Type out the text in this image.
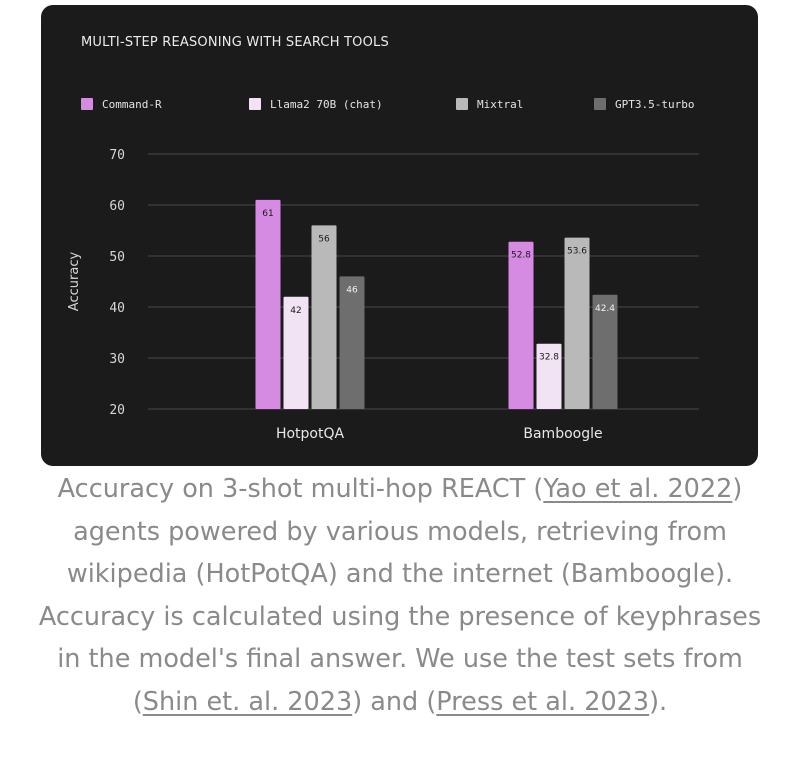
MULTI-STEP REASONING WITH SEARCH TOOLS
Command-R	Llama2 70B (chat)	Mixtral	GPT3.5-turbo
20
30
40
50
60
70
Accuracy
61
42
56
46
HotpotQA
52.8
32.8
53.6
42.4
Bamboogle
Accuracy on 3-shot multi-hop REACT (Yao et al. 2022) agents powered by various models, retrieving from wikipedia (HotPotQA) and the internet (Bamboogle). Accuracy is calculated using the presence of keyphrases in the model's final answer. We use the test sets from (Shin et. al. 2023) and (Press et al. 2023).
